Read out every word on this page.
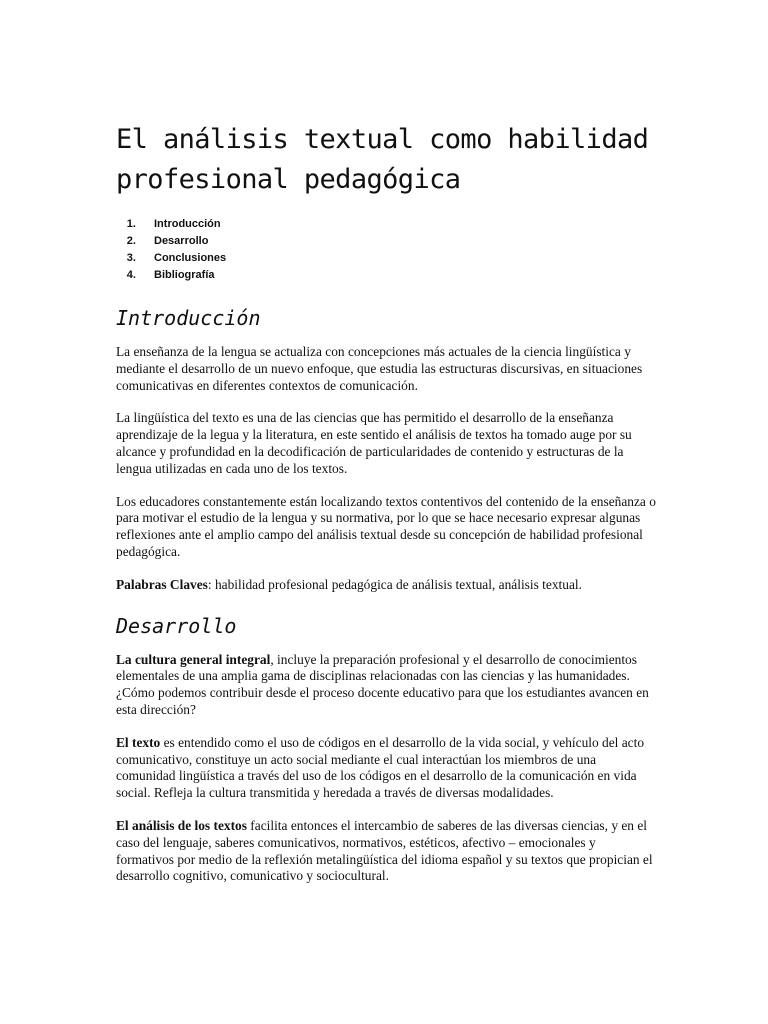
El análisis textual como habilidad profesional pedagógica
1. Introducción
2. Desarrollo
3. Conclusiones
4. Bibliografía
Introducción

La enseñanza de la lengua se actualiza con concepciones más actuales de la ciencia lingüística y mediante el desarrollo de un nuevo enfoque, que estudia las estructuras discursivas, en situaciones comunicativas en diferentes contextos de comunicación.

La lingüística del texto es una de las ciencias que has permitido el desarrollo de la enseñanza aprendizaje de la legua y la literatura, en este sentido el análisis de textos ha tomado auge por su alcance y profundidad en la decodificación de particularidades de contenido y estructuras de la lengua utilizadas en cada uno de los textos.

Los educadores constantemente están localizando textos contentivos del contenido de la enseñanza o para motivar el estudio de la lengua y su normativa, por lo que se hace necesario expresar algunas reflexiones ante el amplio campo del análisis textual desde su concepción de habilidad profesional pedagógica.

Palabras Claves: habilidad profesional pedagógica de análisis textual, análisis textual.

Desarrollo

La cultura general integral, incluye la preparación profesional y el desarrollo de conocimientos elementales de una amplia gama de disciplinas relacionadas con las ciencias y las humanidades. ¿Cómo podemos contribuir desde el proceso docente educativo para que los estudiantes avancen en esta dirección?

El texto es entendido como el uso de códigos en el desarrollo de la vida social, y vehículo del acto comunicativo, constituye un acto social mediante el cual interactúan los miembros de una comunidad lingüística a través del uso de los códigos en el desarrollo de la comunicación en vida social. Refleja la cultura transmitida y heredada a través de diversas modalidades.

El análisis de los textos facilita entonces el intercambio de saberes de las diversas ciencias, y en el caso del lenguaje, saberes comunicativos, normativos, estéticos, afectivo – emocionales y formativos por medio de la reflexión metalingüística del idioma español y su textos que propician el desarrollo cognitivo, comunicativo y sociocultural.
